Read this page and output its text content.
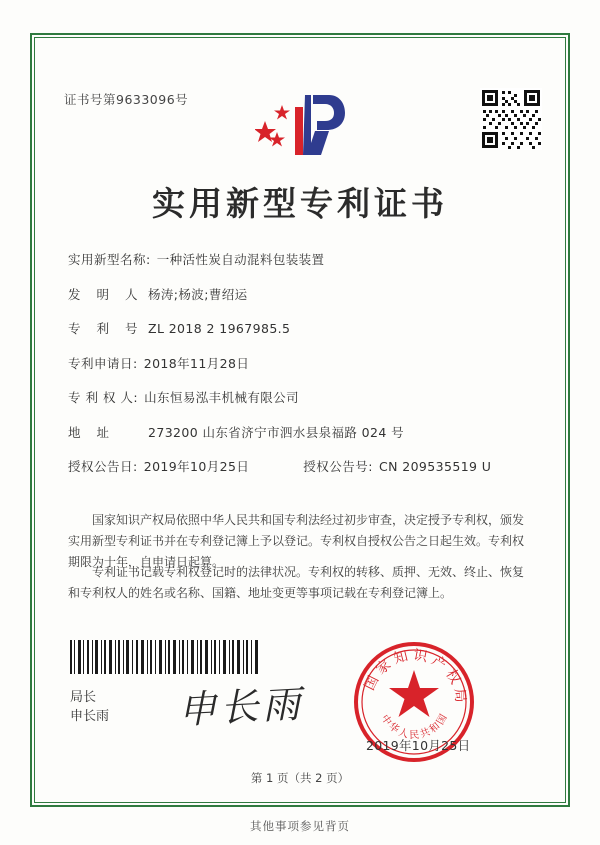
证书号第9633096号
实用新型专利证书
实用新型名称: 一种活性炭自动混料包装装置
发 明 人 杨涛;杨波;曹绍运
专 利 号 ZL 2018 2 1967985.5
专利申请日: 2018年11月28日
专 利 权 人: 山东恒易泓丰机械有限公司
地 址	273200 山东省济宁市泗水县泉福路 024 号
授权公告日: 2019年10月25日	授权公告号: CN 209535519 U
国家知识产权局依照中华人民共和国专利法经过初步审查，决定授予专利权，颁发实用新型专利证书并在专利登记簿上予以登记。专利权自授权公告之日起生效。专利权期限为十年，自申请日起算。
专利证书记载专利权登记时的法律状况。专利权的转移、质押、无效、终止、恢复和专利权人的姓名或名称、国籍、地址变更等事项记载在专利登记簿上。
局长
申长雨 申长雨
国家知识产权局
中华人民共和国
2019年10月25日
第 1 页（共 2 页）
其他事项参见背页
